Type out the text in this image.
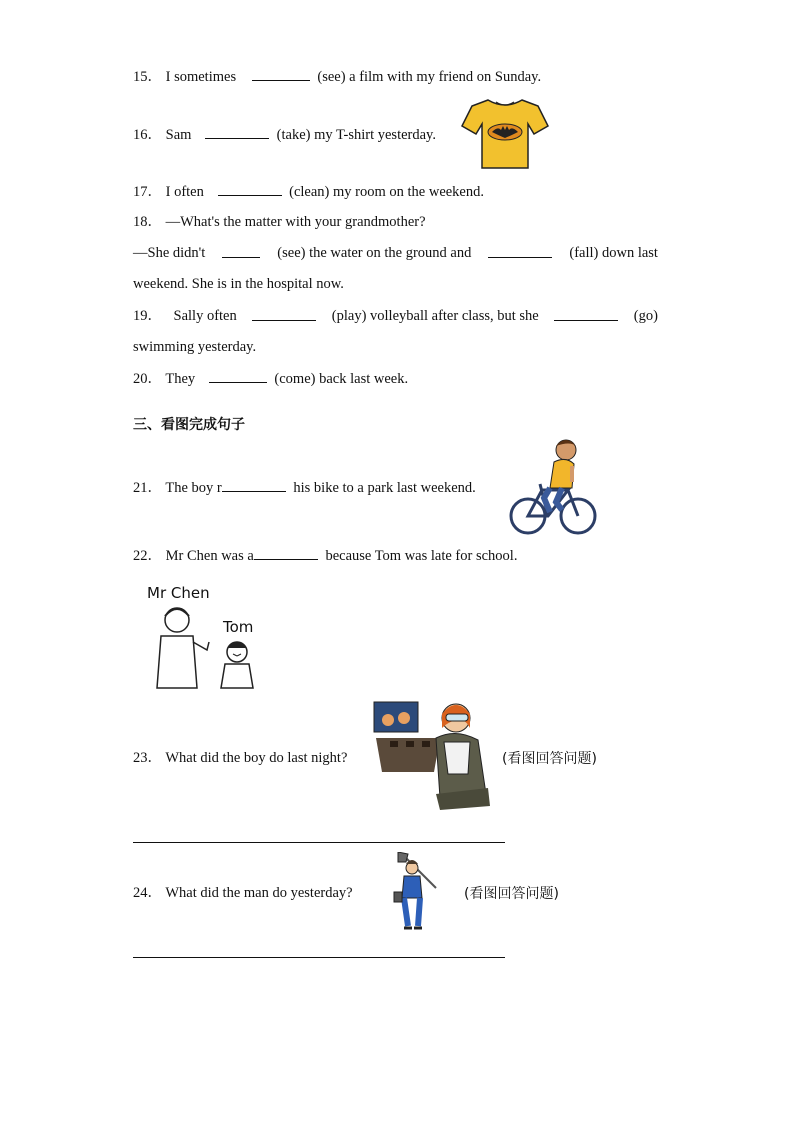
15． I sometimes	(see) a film with my friend on Sunday.
16． Sam	(take) my T-shirt yesterday.
17． I often	(clean) my room on the weekend.
18． —What's the matter with your grandmother?
—She didn't	(see) the water on the ground and	(fall) down last
weekend. She is in the hospital now.
19． Sally often	(play) volleyball after class, but she	(go)
swimming yesterday.
20． They	(come) back last week.
三、看图完成句子
21． The boy r	his bike to a park last weekend.
22． Mr Chen was a	because Tom was late for school.
Mr Chen
Tom
23． What did the boy do last night?	(看图回答问题)
24． What did the man do yesterday?	(看图回答问题)
